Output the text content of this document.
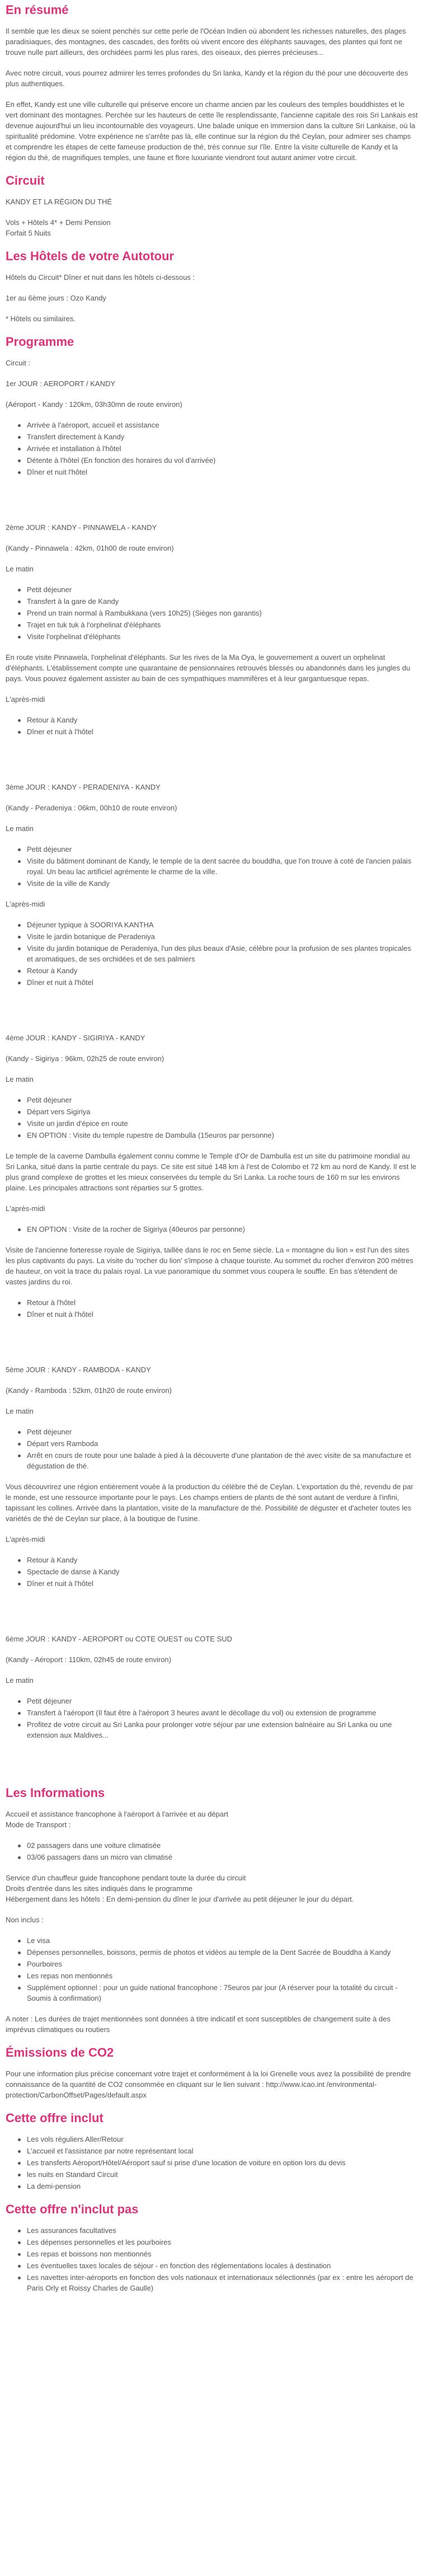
En résumé

Il semble que les dieux se soient penchés sur cette perle de l'Océan Indien où abondent les richesses naturelles, des plages paradisiaques, des montagnes, des cascades, des forêts où vivent encore des éléphants sauvages, des plantes qui font ne trouve nulle part ailleurs, des orchidées parmi les plus rares, des oiseaux, des pierres précieuses...

Avec notre circuit, vous pourrez admirer les terres profondes du Sri lanka, Kandy et la région du thé pour une découverte des plus authentiques.

En effet, Kandy est une ville culturelle qui préserve encore un charme ancien par les couleurs des temples bouddhistes et le vert dominant des montagnes. Perchée sur les hauteurs de cette île resplendissante, l'ancienne capitale des rois Sri Lankais est devenue aujourd'hui un lieu incontournable des voyageurs. Une balade unique en immersion dans la culture Sri Lankaise, où la spiritualité prédomine. Votre expérience ne s'arrête pas là, elle continue sur la région du thé Ceylan, pour admirer ses champs et comprendre les étapes de cette fameuse production de thé, très connue sur l'île. Entre la visite culturelle de Kandy et la région du thé, de magnifiques temples, une faune et flore luxuriante viendront tout autant animer votre circuit.

Circuit

KANDY ET LA RÉGION DU THÉ

Vols + Hôtels 4* + Demi Pension
Forfait 5 Nuits

Les Hôtels de votre Autotour

Hôtels du Circuit* Dîner et nuit dans les hôtels ci-dessous :

1er au 6ème jours : Ozo Kandy

* Hôtels ou similaires.

Programme

Circuit :

1er JOUR : AEROPORT / KANDY

(Aéroport - Kandy : 120km, 03h30mn de route environ)

Arrivée à l'aéroport, accueil et assistance
Transfert directement à Kandy
Arrivée et installation à l'hôtel
Détente à l'hôtel (En fonction des horaires du vol d'arrivée)
Dîner et nuit l'hôtel

2ème JOUR : KANDY - PINNAWELA - KANDY

(Kandy - Pinnawela : 42km, 01h00 de route environ)

Le matin

Petit déjeuner
Transfert à la gare de Kandy
Prend un train normal à Rambukkana (vers 10h25) (Sièges non garantis)
Trajet en tuk tuk à l'orphelinat d'éléphants
Visite l'orphelinat d'éléphants

En route visite Pinnawela, l'orphelinat d'éléphants. Sur les rives de la Ma Oya, le gouvernement a ouvert un orphelinat d'éléphants. L'établissement compte une quarantaine de pensionnaires retrouvés blessés ou abandonnés dans les jungles du pays. Vous pouvez également assister au bain de ces sympathiques mammifères et à leur gargantuesque repas.

L'après-midi

Retour à Kandy
Dîner et nuit à l'hôtel

3ème JOUR : KANDY - PERADENIYA - KANDY

(Kandy - Peradeniya : 06km, 00h10 de route environ)

Le matin

Petit déjeuner
Visite du bâtiment dominant de Kandy, le temple de la dent sacrée du bouddha, que l'on trouve à coté de l'ancien palais royal. Un beau lac artificiel agrémente le charme de la ville.
Visite de la ville de Kandy

L'après-midi

Déjeuner typique à SOORIYA KANTHA
Visite le jardin botanique de Peradeniya
Visite du jardin botanique de Peradeniya, l'un des plus beaux d'Asie, célèbre pour la profusion de ses plantes tropicales et aromatiques, de ses orchidées et de ses palmiers
Retour à Kandy
Dîner et nuit à l'hôtel

4ème JOUR : KANDY - SIGIRIYA - KANDY

(Kandy - Sigiriya : 96km, 02h25 de route environ)

Le matin

Petit déjeuner
Départ vers Sigiriya
Visite un jardin d'épice en route
EN OPTION : Visite du temple rupestre de Dambulla (15euros par personne)

Le temple de la caverne Dambulla également connu comme le Temple d'Or de Dambulla est un site du patrimoine mondial au Sri Lanka, situé dans la partie centrale du pays. Ce site est situé 148 km à l'est de Colombo et 72 km au nord de Kandy. Il est le plus grand complexe de grottes et les mieux conservées du temple du Sri Lanka. La roche tours de 160 m sur les environs plaine. Les principales attractions sont réparties sur 5 grottes.

L'après-midi

EN OPTION : Visite de la rocher de Sigiriya (40euros par personne)

Visite de l'ancienne forteresse royale de Sigiriya, taillée dans le roc en 5eme siècle. La « montagne du lion » est l'un des sites les plus captivants du pays. La visite du 'rocher du lion' s'impose à chaque touriste. Au sommet du rocher d'environ 200 mètres de hauteur, on voit la trace du palais royal. La vue panoramique du sommet vous coupera le souffle. En bas s'étendent de vastes jardins du roi.

Retour à l'hôtel
Dîner et nuit à l'hôtel

5ème JOUR : KANDY - RAMBODA - KANDY

(Kandy - Ramboda : 52km, 01h20 de route environ)

Le matin

Petit déjeuner
Départ vers Ramboda
Arrêt en cours de route pour une balade à pied à la découverte d'une plantation de thé avec visite de sa manufacture et dégustation de thé.

Vous découvrirez une région entièrement vouée à la production du célèbre thé de Ceylan. L'exportation du thé, revendu de par le monde, est une ressource importante pour le pays. Les champs entiers de plants de thé sont autant de verdure à l'infini, tapissant les collines. Arrivée dans la plantation, visite de la manufacture de thé. Possibilité de déguster et d'acheter toutes les variétés de thé de Ceylan sur place, à la boutique de l'usine.

L'après-midi

Retour à Kandy
Spectacle de danse à Kandy
Dîner et nuit à l'hôtel

6ème JOUR : KANDY - AEROPORT ou COTE OUEST ou COTE SUD

(Kandy - Aéroport : 110km, 02h45 de route environ)

Le matin

Petit déjeuner
Transfert à l'aéroport (Il faut être à l'aéroport 3 heures avant le décollage du vol) ou extension de programme
Profitez de votre circuit au Sri Lanka pour prolonger votre séjour par une extension balnéaire au Sri Lanka ou une extension aux Maldives...
Les Informations

Accueil et assistance francophone à l'aéroport à l'arrivée et au départ
Mode de Transport :

02 passagers dans une voiture climatisée
03/06 passagers dans un micro van climatisé

Service d'un chauffeur guide francophone pendant toute la durée du circuit
Droits d'entrée dans les sites indiqués dans le programme
Hébergement dans les hôtels : En demi-pension du dîner le jour d'arrivée au petit déjeuner le jour du départ.

Non inclus :

Le visa
Dépenses personnelles, boissons, permis de photos et vidéos au temple de la Dent Sacrée de Bouddha à Kandy
Pourboires
Les repas non mentionnés
Supplément optionnel : pour un guide national francophone : 75euros par jour (A réserver pour la totalité du circuit - Soumis à confirmation)

A noter : Les durées de trajet mentionnées sont données à titre indicatif et sont susceptibles de changement suite à des imprévus climatiques ou routiers

Émissions de CO2

Pour une information plus précise concernant votre trajet et conformément à la loi Grenelle vous avez la possibilité de prendre connaissance de la quantité de CO2 consommée en cliquant sur le lien suivant : http://www.icao.int /environmental-protection/CarbonOffset/Pages/default.aspx

Cette offre inclut
Les vols réguliers Aller/Retour
L'accueil et l'assistance par notre représentant local
Les transferts Aéroport/Hôtel/Aéroport sauf si prise d'une location de voiture en option lors du devis
les nuits en Standard Circuit
La demi-pension
Cette offre n'inclut pas
Les assurances facultatives
Les dépenses personnelles et les pourboires
Les repas et boissons non mentionnés
Les éventuelles taxes locales de séjour - en fonction des réglementations locales à destination
Les navettes inter-aéroports en fonction des vols nationaux et internationaux sélectionnés (par ex : entre les aéroport de Paris Orly et Roissy Charles de Gaulle)
